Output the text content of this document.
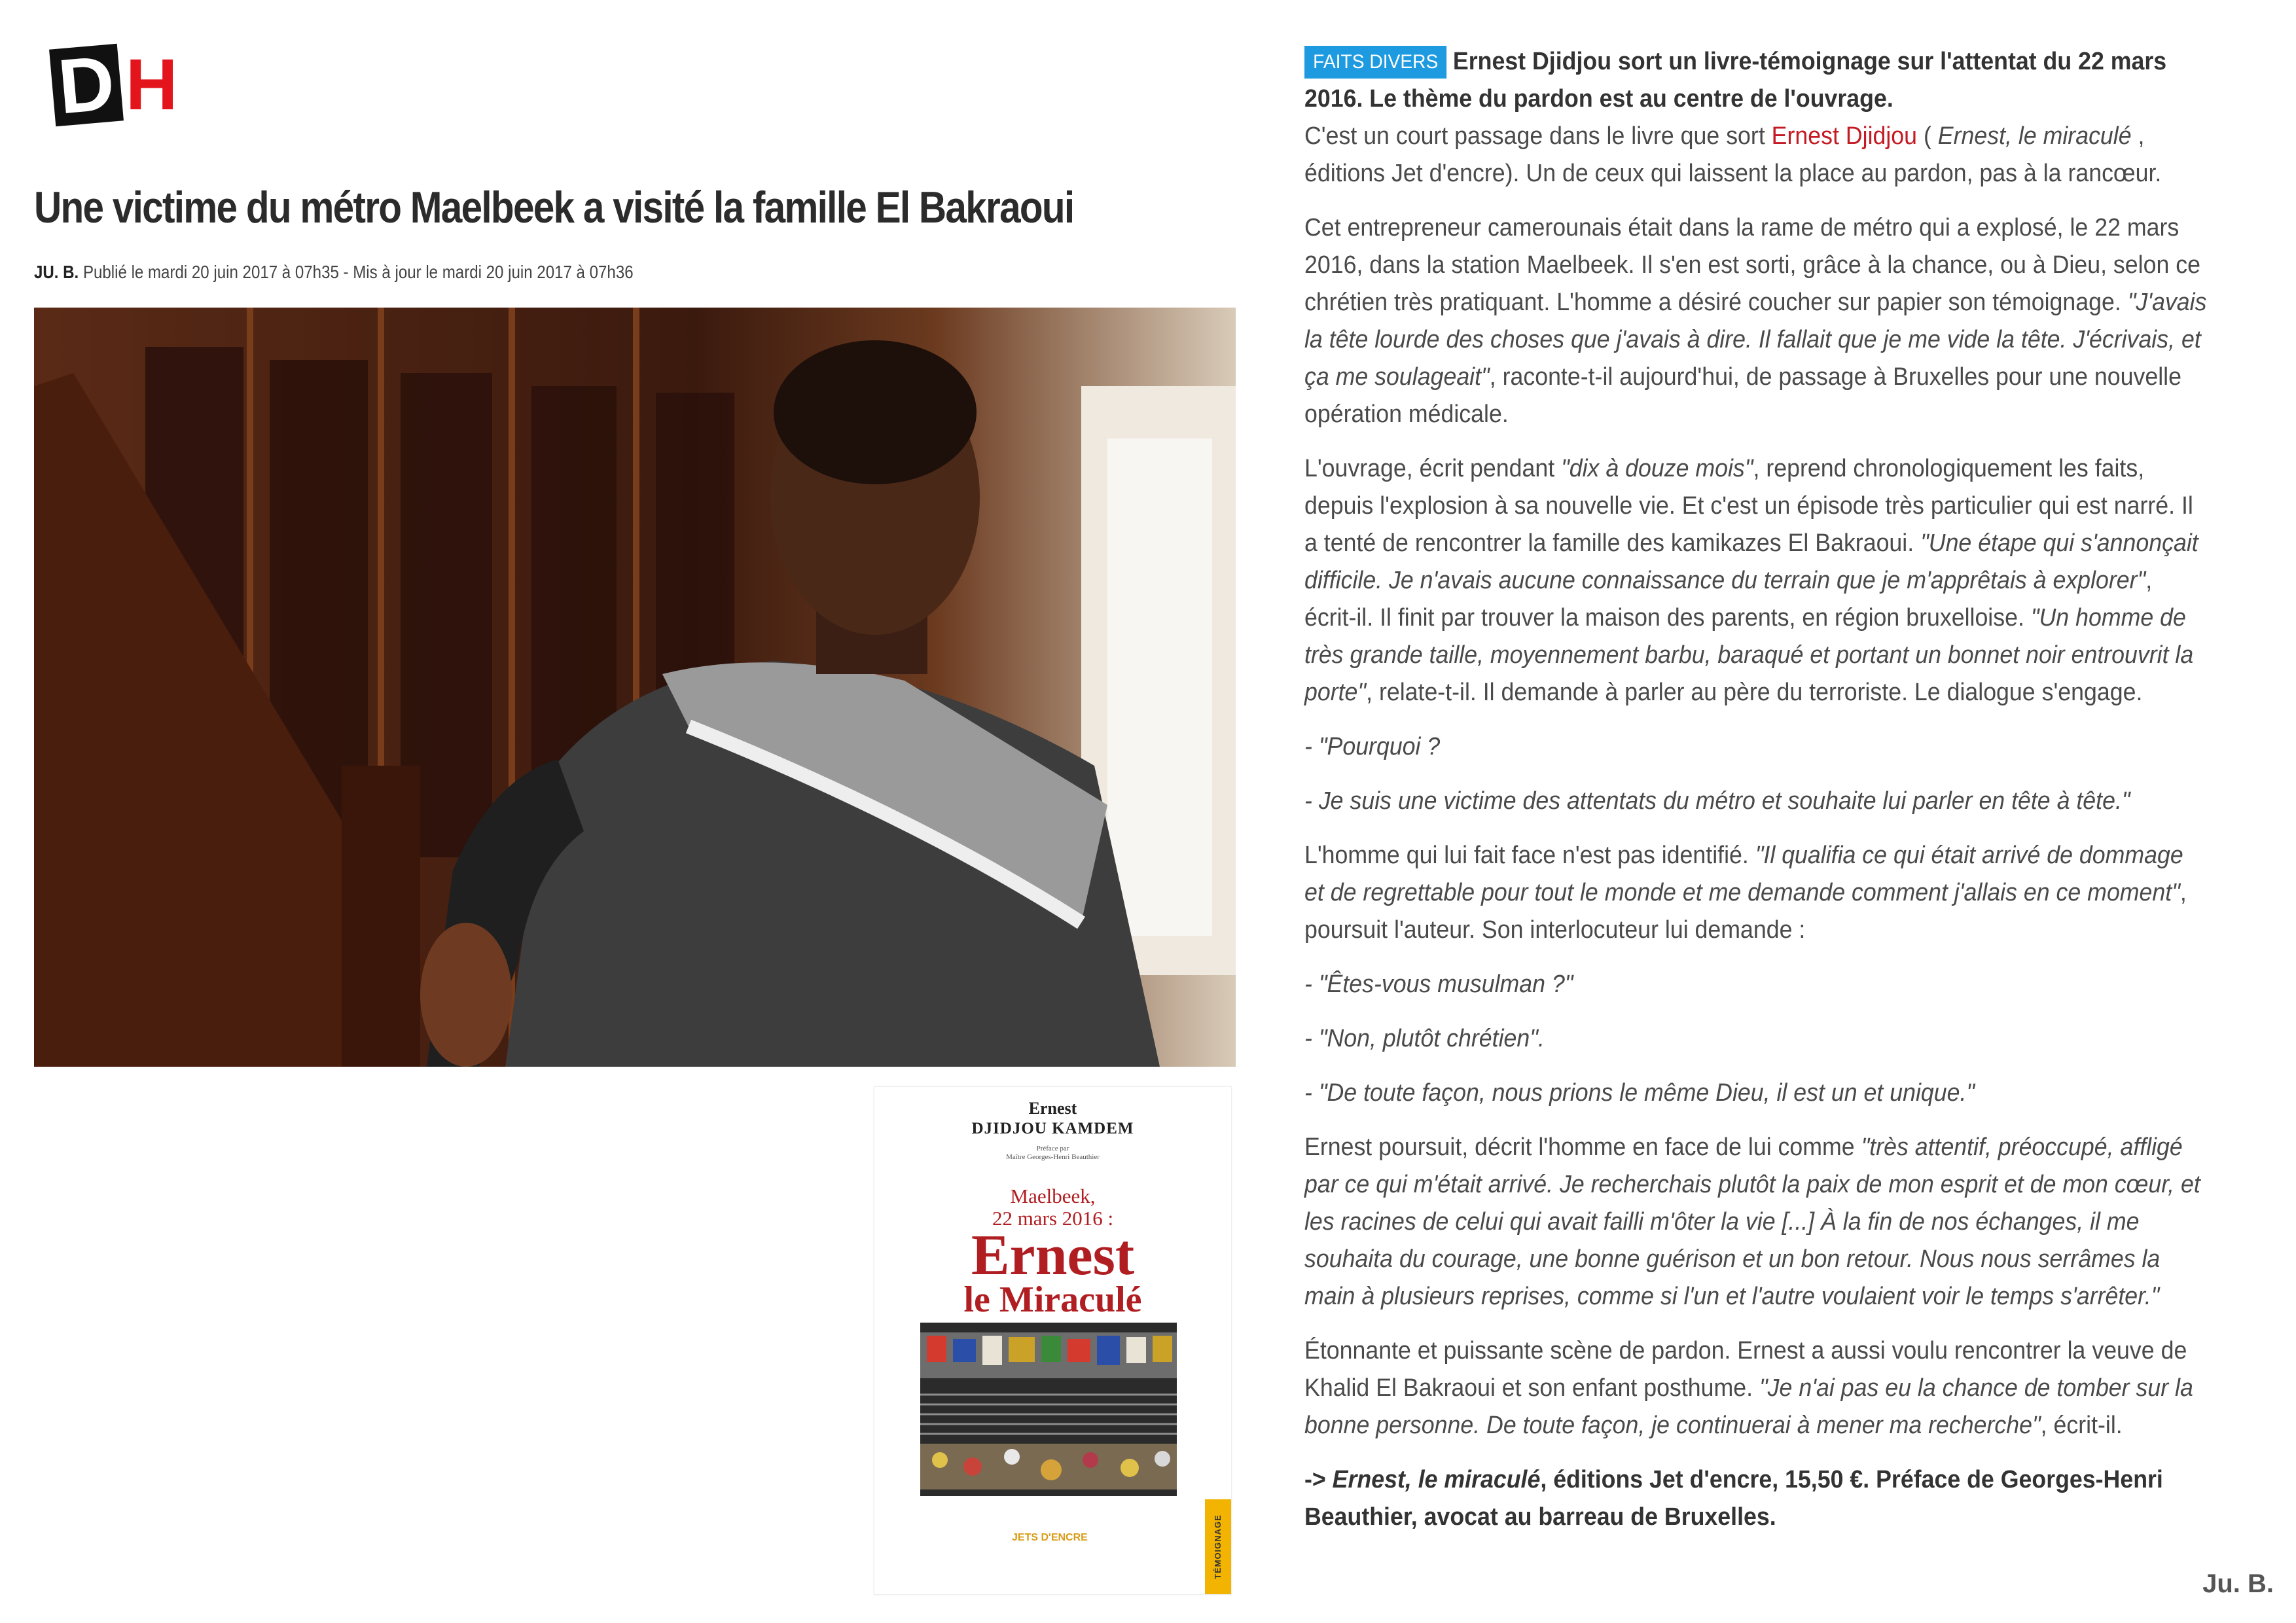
D H
Une victime du métro Maelbeek a visité la famille El Bakraoui
JU. B. Publié le mardi 20 juin 2017 à 07h35 - Mis à jour le mardi 20 juin 2017 à 07h36
Ernest
DJIDJOU KAMDEM
Préface par
Maître Georges-Henri Beauthier
Maelbeek,
22 mars 2016 :
Ernest
le Miraculé
JETS D'ENCRE	TÉMOIGNAGE

FAITS DIVERS Ernest Djidjou sort un livre-témoignage sur l'attentat du 22 mars 2016. Le thème du pardon est au centre de l'ouvrage.

C'est un court passage dans le livre que sort Ernest Djidjou ( Ernest, le miraculé , éditions Jet d'encre). Un de ceux qui laissent la place au pardon, pas à la rancœur.

Cet entrepreneur camerounais était dans la rame de métro qui a explosé, le 22 mars 2016, dans la station Maelbeek. Il s'en est sorti, grâce à la chance, ou à Dieu, selon ce chrétien très pratiquant. L'homme a désiré coucher sur papier son témoignage. "J'avais la tête lourde des choses que j'avais à dire. Il fallait que je me vide la tête. J'écrivais, et ça me soulageait", raconte-t-il aujourd'hui, de passage à Bruxelles pour une nouvelle opération médicale.

L'ouvrage, écrit pendant "dix à douze mois", reprend chronologiquement les faits, depuis l'explosion à sa nouvelle vie. Et c'est un épisode très particulier qui est narré. Il a tenté de rencontrer la famille des kamikazes El Bakraoui. "Une étape qui s'annonçait difficile. Je n'avais aucune connaissance du terrain que je m'apprêtais à explorer", écrit-il. Il finit par trouver la maison des parents, en région bruxelloise. "Un homme de très grande taille, moyennement barbu, baraqué et portant un bonnet noir entrouvrit la porte", relate-t-il. Il demande à parler au père du terroriste. Le dialogue s'engage.

- "Pourquoi ?

- Je suis une victime des attentats du métro et souhaite lui parler en tête à tête."

L'homme qui lui fait face n'est pas identifié. "Il qualifia ce qui était arrivé de dommage et de regrettable pour tout le monde et me demande comment j'allais en ce moment", poursuit l'auteur. Son interlocuteur lui demande :

- "Êtes-vous musulman ?"

- "Non, plutôt chrétien".

- "De toute façon, nous prions le même Dieu, il est un et unique."

Ernest poursuit, décrit l'homme en face de lui comme "très attentif, préoccupé, affligé par ce qui m'était arrivé. Je recherchais plutôt la paix de mon esprit et de mon cœur, et les racines de celui qui avait failli m'ôter la vie [...] À la fin de nos échanges, il me souhaita du courage, une bonne guérison et un bon retour. Nous nous serrâmes la main à plusieurs reprises, comme si l'un et l'autre voulaient voir le temps s'arrêter."

Étonnante et puissante scène de pardon. Ernest a aussi voulu rencontrer la veuve de Khalid El Bakraoui et son enfant posthume. "Je n'ai pas eu la chance de tomber sur la bonne personne. De toute façon, je continuerai à mener ma recherche", écrit-il.

-> Ernest, le miraculé, éditions Jet d'encre, 15,50 €. Préface de Georges-Henri Beauthier, avocat au barreau de Bruxelles.

Ju. B.
